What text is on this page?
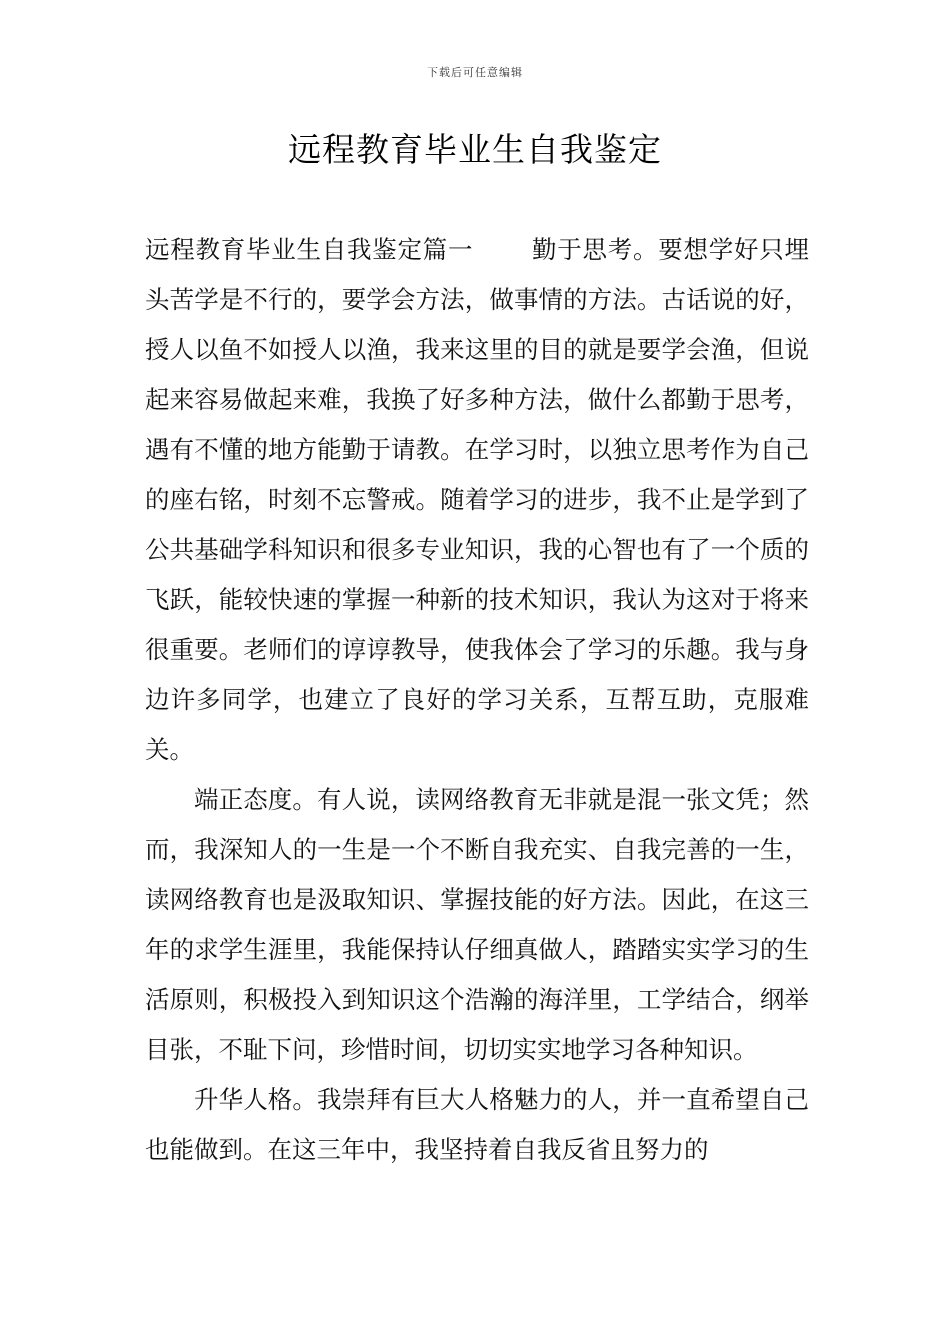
下载后可任意编辑
远程教育毕业生自我鉴定

远程教育毕业生自我鉴定篇一 勤于思考。要想学好只埋头苦学是不行的，要学会方法，做事情的方法。古话说的好，授人以鱼不如授人以渔，我来这里的目的就是要学会渔，但说起来容易做起来难，我换了好多种方法，做什么都勤于思考，遇有不懂的地方能勤于请教。在学习时，以独立思考作为自己的座右铭，时刻不忘警戒。随着学习的进步，我不止是学到了公共基础学科知识和很多专业知识，我的心智也有了一个质的飞跃，能较快速的掌握一种新的技术知识，我认为这对于将来很重要。老师们的谆谆教导，使我体会了学习的乐趣。我与身边许多同学，也建立了良好的学习关系，互帮互助，克服难关。

端正态度。有人说，读网络教育无非就是混一张文凭；然而，我深知人的一生是一个不断自我充实、自我完善的一生，读网络教育也是汲取知识、掌握技能的好方法。因此，在这三年的求学生涯里，我能保持认仔细真做人，踏踏实实学习的生活原则，积极投入到知识这个浩瀚的海洋里，工学结合，纲举目张，不耻下问，珍惜时间，切切实实地学习各种知识。

升华人格。我崇拜有巨大人格魅力的人，并一直希望自己也能做到。在这三年中，我坚持着自我反省且努力的
